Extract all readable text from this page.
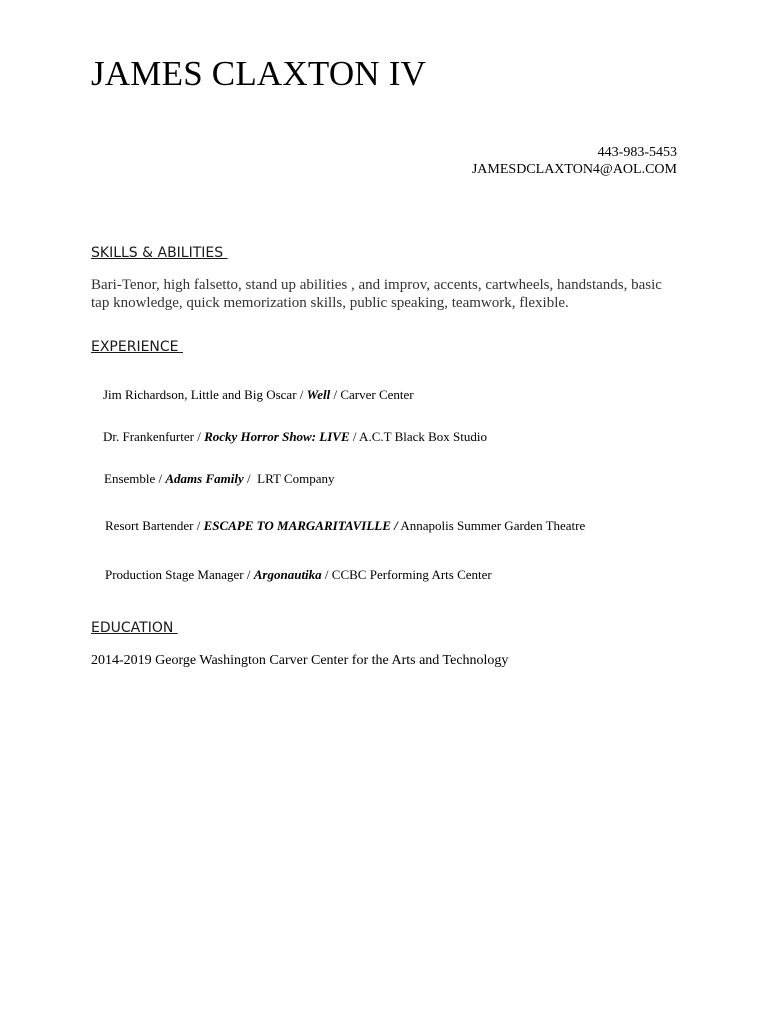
JAMES CLAXTON IV
443-983-5453
JAMESDCLAXTON4@AOL.COM
SKILLS & ABILITIES
Bari-Tenor, high falsetto, stand up abilities , and improv, accents, cartwheels, handstands, basic tap knowledge, quick memorization skills, public speaking, teamwork, flexible.
EXPERIENCE

Jim Richardson, Little and Big Oscar / Well / Carver Center

Dr. Frankenfurter / Rocky Horror Show: LIVE / A.C.T Black Box Studio

Ensemble / Adams Family /  LRT Company

Resort Bartender / ESCAPE TO MARGARITAVILLE / Annapolis Summer Garden Theatre

Production Stage Manager / Argonautika / CCBC Performing Arts Center

EDUCATION
2014-2019 George Washington Carver Center for the Arts and Technology
